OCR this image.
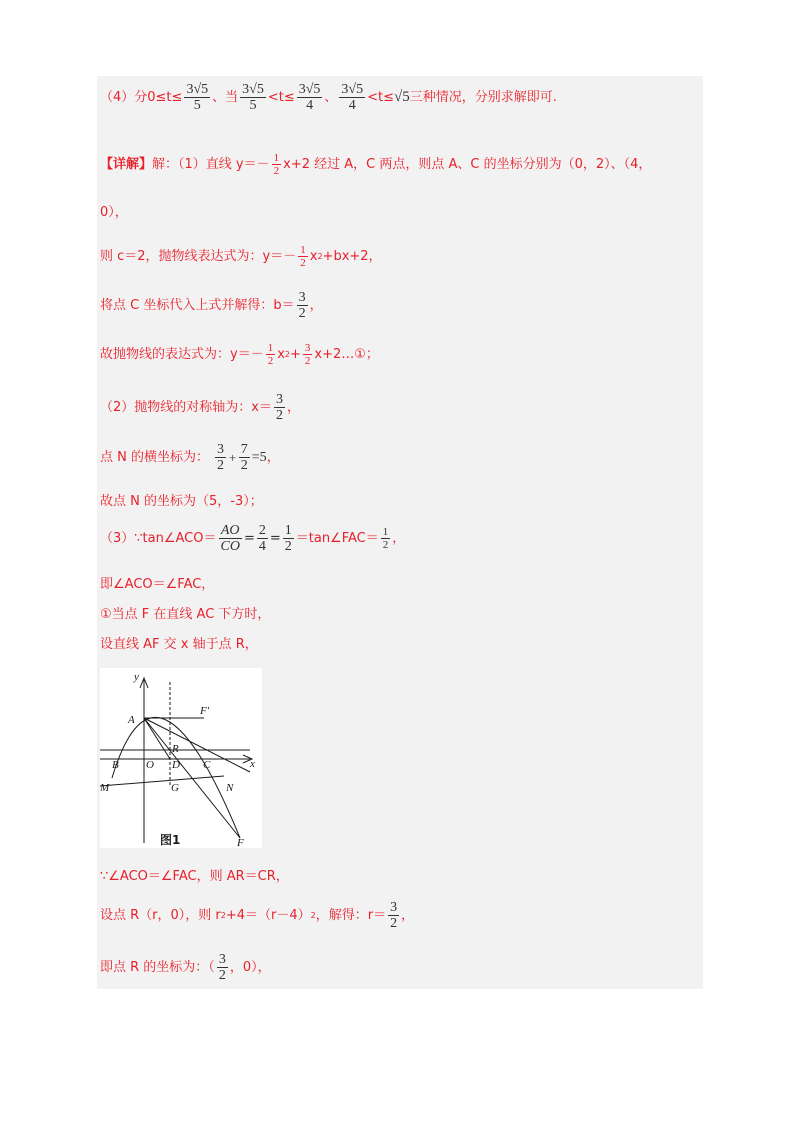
（4）分$0\le t\le \frac{3√5}{5}$ 、当 $\frac{3√5}{5} <t\le \frac{3√5}{4}$ 、 $\frac{3√5}{4} <t\le √5$ 三种情况，分别求解即可.
【详解】 解：（1）直线 $y=- \frac{1}{2} x+2$ 经过 A，C 两点，则点 A、C 的坐标分别为（0，2）、（4，
0），
则 c＝2，抛物线表达式为：$y=- \frac{1}{2}$ x 2 +bx+2，
将点 C 坐标代入上式并解得：$b= \frac{3}{2}$ ，
故抛物线的表达式为：$y=- \frac{1}{2}$ x $2 + \frac{3}{2}$ x+2…①；
（2）抛物线的对称轴为：$x= \frac{3}{2}$ ，
点 N 的横坐标为： $\frac{3}{2} + \frac{7}{2} =5$ ，
故点 N 的坐标为（5，-3）；
（3）∵tan∠ACO＝ $\frac{AO}{CO} = \frac{2}{4} = \frac{1}{2}$ ＝tan∠FAC＝ $\frac{1}{2}$ ，
即∠ACO＝∠FAC，
①当点 F 在直线 AC 下方时，
设直线 AF 交 x 轴于点 R，
y
x
A
F′
R
B O D C
M	G	N
F
图1
∵∠ACO＝∠FAC，则 AR＝CR，
设点 R（r，0），则 r 2 +4＝（r－4） 2 ，解得：$r= \frac{3}{2}$ ，
即点 R 的坐标为：（ $\frac{3}{2}$ ，0），
